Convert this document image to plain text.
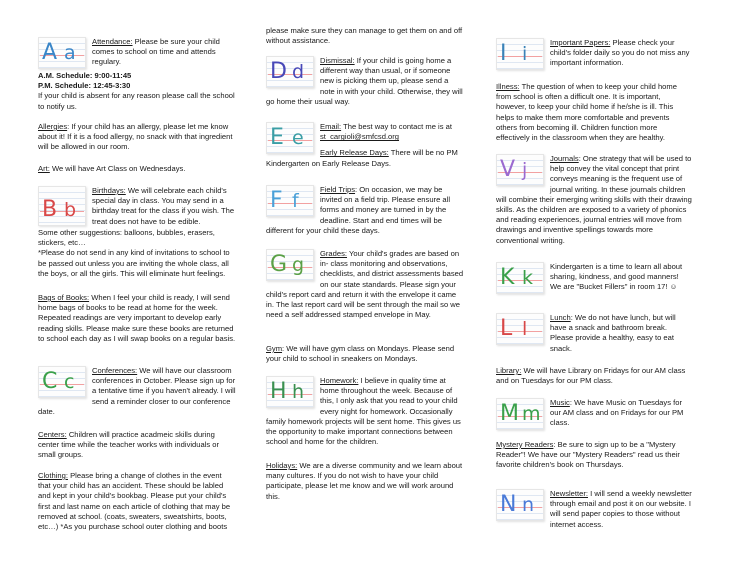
A a

Attendance: Please be sure your child comes to school on time and attends regulary.

A.M. Schedule: 9:00-11:45

P.M. Schedule: 12:45-3:30

If your child is absent for any reason please call the school to notify us.

Allergies: If your child has an allergy, please let me know about it! If it is a food allergy, no snack with that ingredient will be allowed in our room.

Art: We will have Art Class on Wednesdays.

B b

Birthdays: We will celebrate each child's special day in class. You may send in a birthday treat for the class if you wish. The treat does not have to be edible.

Some other suggestions: balloons, bubbles, erasers, stickers, etc…

*Please do not send in any kind of invitations to school to be passed out unless you are inviting the whole class, all the boys, or all the girls. This will eliminate hurt feelings.

Bags of Books: When I feel your child is ready, I will send home bags of books to be read at home for the week. Repeated readings are very important to develop early reading skills. Please make sure these books are returned to school each day as I will swap books on a regular basis.

C c

Conferences: We will have our classroom conferences in October. Please sign up for a tentative time if you haven't already. I will send a reminder closer to our conference date.

Centers: Children will practice acadmeic skills during center time while the teacher works with individuals or small groups.

Clothing: Please bring a change of clothes in the event that your child has an accident. These should be labled and kept in your child's bookbag. Please put your child's first and last name on each article of clothing that may be removed at school. (coats, sweaters, sweatshirts, boots, etc…) *As you purchase school outer clothing and boots

please make sure they can manage to get them on and off without assistance.

D d

Dismissal: If your child is going home a different way than usual, or if someone new is picking them up, please send a note in with your child. Otherwise, they will go home their usual way.

E e

Email: The best way to contact me is at st_cargioli@smfcsd.org

Early Release Days: There will be no PM Kindergarten on Early Release Days.

F f

Field Trips: On occasion, we may be invited on a field trip. Please ensure all forms and money are turned in by the deadline. Start and end times will be different for your child these days.

G g

Grades: Your child's grades are based on in- class monitoring and observations, checklists, and district assessments based on our state standards. Please sign your child's report card and return it with the envelope it came in. The last report card will be sent through the mail so we need a self addressed stamped envelope in May.

Gym: We will have gym class on Mondays. Please send your child to school in sneakers on Mondays.

H h

Homework: I believe in quality time at home throughout the week. Because of this, I only ask that you read to your child every night for homework. Occasionally family homework projects will be sent home. This gives us the opportunity to make important connections between school and home for the children.

Holidays: We are a diverse community and we learn about many cultures. If you do not wish to have your child participate, please let me know and we will work around this.

I i

Important Papers: Please check your child's folder daily so you do not miss any important information.

Illness: The question of when to keep your child home from school is often a difficult one. It is important, however, to keep your child home if he/she is ill. This helps to make them more comfortable and prevents others from becoming ill. Children function more effectively in the classroom when they are healthy.

V j

Journals: One strategy that will be used to help convey the vital concept that print conveys meaning is the frequent use of journal writing. In these journals children will combine their emerging writing skills with their drawing skills. As the children are exposed to a variety of phonics and reading experiences, journal entries will move from drawings and inventive spellings towards more conventional writing.

K k

Kindergarten is a time to learn all about sharing, kindness, and good manners! We are "Bucket Fillers" in room 17! ☺

L l

Lunch: We do not have lunch, but will have a snack and bathroom break. Please provide a healthy, easy to eat snack.

Library: We will have Library on Fridays for our AM class and on Tuesdays for our PM class.

M m

Music: We have Music on Tuesdays for our AM class and on Fridays for our PM class.

Mystery Readers: Be sure to sign up to be a "Mystery Reader"! We have our "Mystery Readers" read us their favorite children's book on Thursdays.

N n

Newsletter: I will send a weekly newsletter through email and post it on our website. I will send paper copies to those without internet access.
